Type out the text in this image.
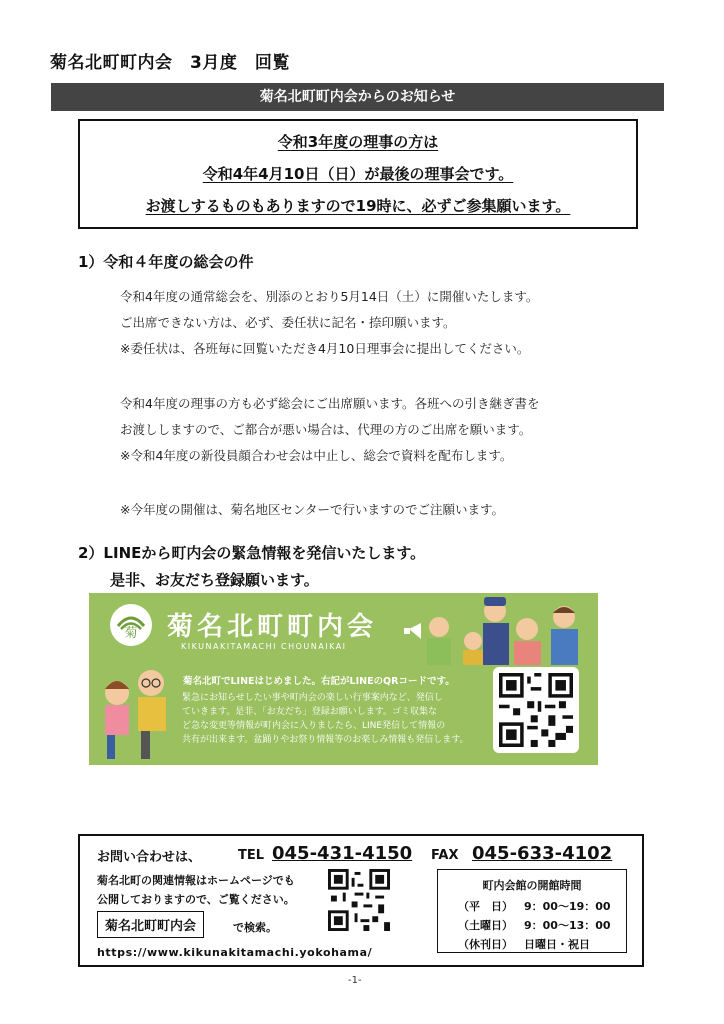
菊名北町町内会　3月度　回覧
菊名北町町内会からのお知らせ
令和3年度の理事の方は
令和4年4月10日（日）が最後の理事会です。
お渡しするものもありますので19時に、必ずご参集願います。
1）令和４年度の総会の件
令和4年度の通常総会を、別添のとおり5月14日（土）に開催いたします。
ご出席できない方は、必ず、委任状に記名・捺印願います。
※委任状は、各班毎に回覧いただき4月10日理事会に提出してください。
令和4年度の理事の方も必ず総会にご出席願います。各班への引き継ぎ書を
お渡ししますので、ご都合が悪い場合は、代理の方のご出席を願います。
※令和4年度の新役員顔合わせ会は中止し、総会で資料を配布します。
※今年度の開催は、菊名地区センターで行いますのでご注願います。
2）LINEから町内会の緊急情報を発信いたします。
是非、お友だち登録願います。
菊 菊名北町町内会
KIKUNAKITAMACHI CHOUNAIKAI
菊名北町でLINEはじめました。右記がLINEのQRコードです。
緊急にお知らせしたい事や町内会の楽しい行事案内など、発信し
ていきます。是非、「お友だち」登録お願いします。ゴミ収集な
ど急な変更等情報が町内会に入りましたら、LINE発信して情報の
共有が出来ます。盆踊りやお祭り情報等のお楽しみ情報も発信します。
お問い合わせは、	TEL 045-431-4150 FAX 045-633-4102
菊名北町の関連情報はホームページでも
公開しておりますので、ご覧ください。
菊名北町町内会	で検索。
https://www.kikunakitamachi.yokohama/
町内会館の開館時間
（平　日） 9：00～19：00
（土曜日） 9：00～13：00
（休刊日） 日曜日・祝日
-1-
